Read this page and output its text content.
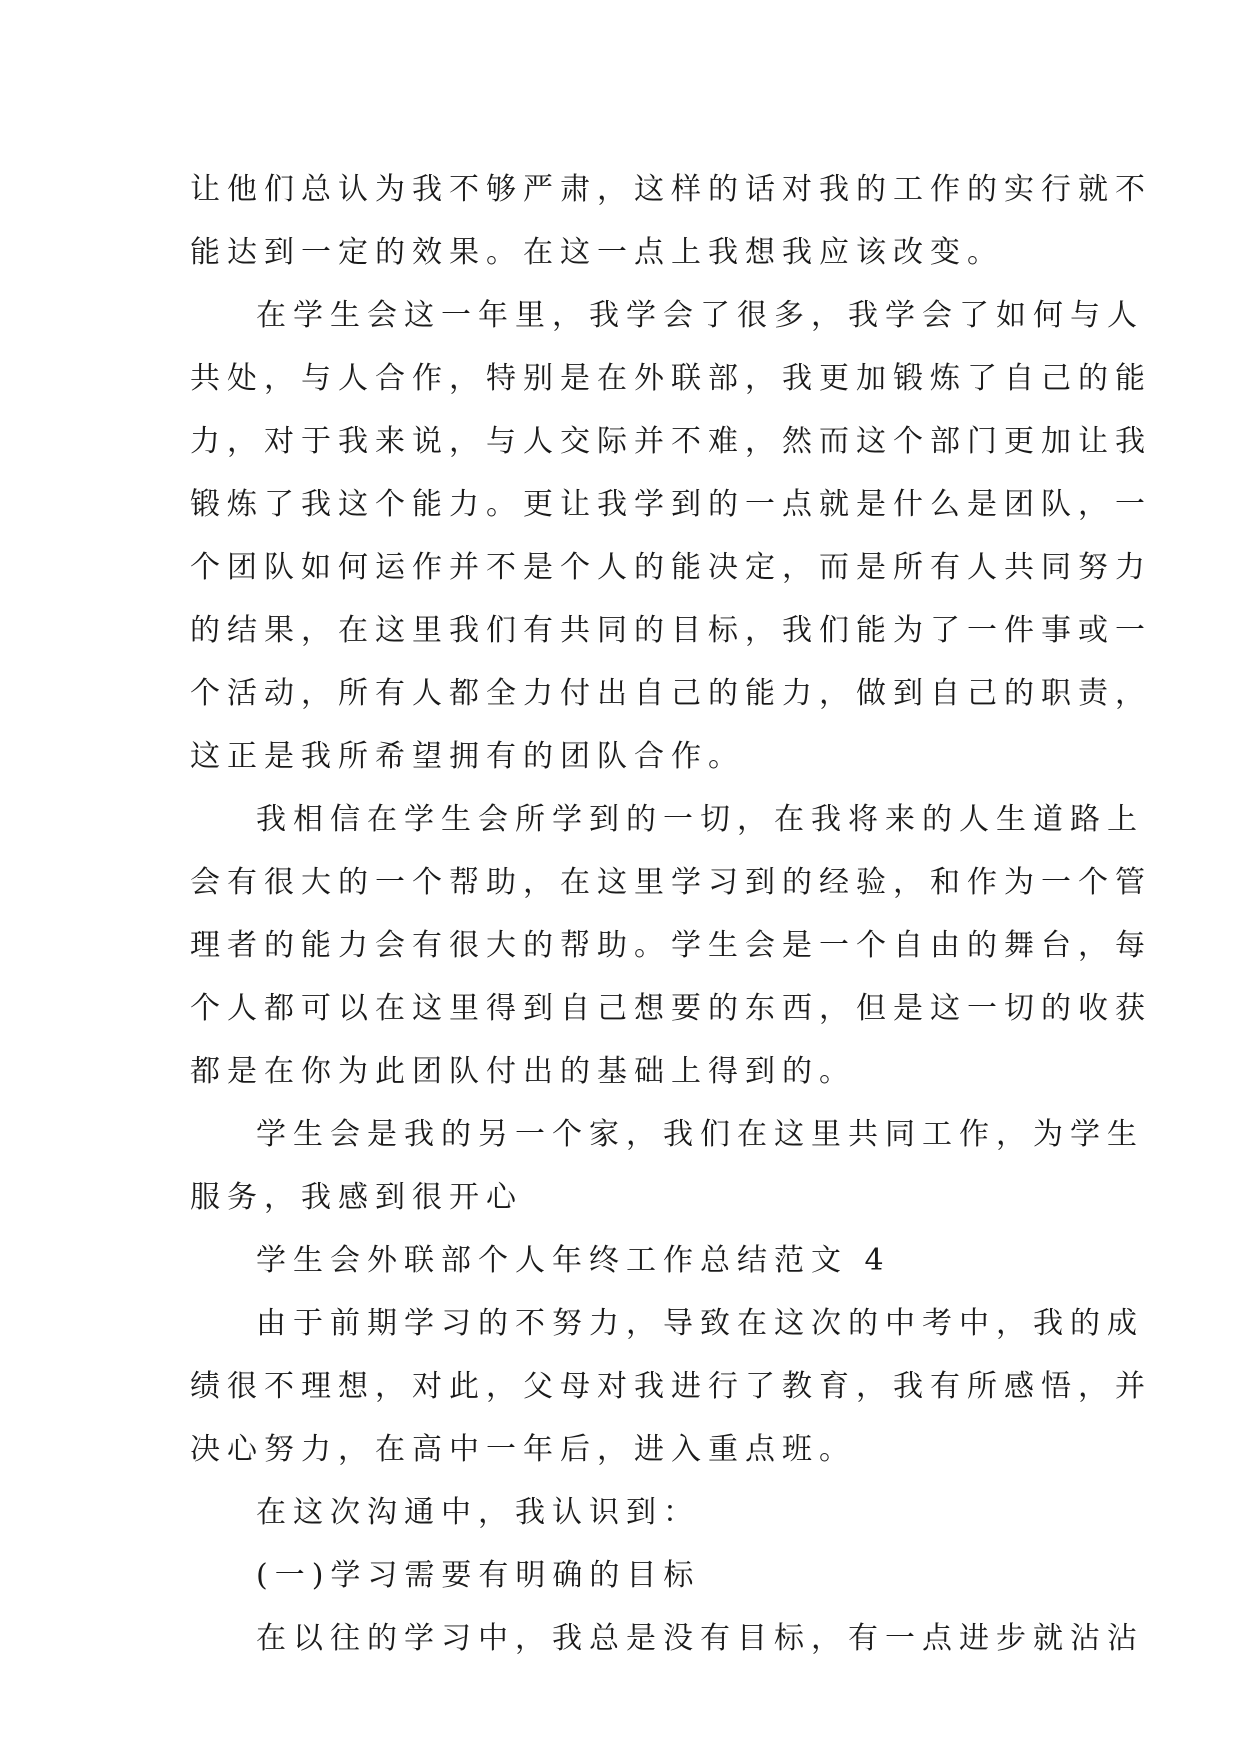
让他们总认为我不够严肃，这样的话对我的工作的实行就不
能达到一定的效果。在这一点上我想我应该改变。
在学生会这一年里，我学会了很多，我学会了如何与人
共处，与人合作，特别是在外联部，我更加锻炼了自己的能
力，对于我来说，与人交际并不难，然而这个部门更加让我
锻炼了我这个能力。更让我学到的一点就是什么是团队，一
个团队如何运作并不是个人的能决定，而是所有人共同努力
的结果，在这里我们有共同的目标，我们能为了一件事或一
个活动，所有人都全力付出自己的能力，做到自己的职责，
这正是我所希望拥有的团队合作。
我相信在学生会所学到的一切，在我将来的人生道路上
会有很大的一个帮助，在这里学习到的经验，和作为一个管
理者的能力会有很大的帮助。学生会是一个自由的舞台，每
个人都可以在这里得到自己想要的东西，但是这一切的收获
都是在你为此团队付出的基础上得到的。
学生会是我的另一个家，我们在这里共同工作，为学生
服务，我感到很开心
学生会外联部个人年终工作总结范文 4
由于前期学习的不努力，导致在这次的中考中，我的成
绩很不理想，对此，父母对我进行了教育，我有所感悟，并
决心努力，在高中一年后，进入重点班。
在这次沟通中，我认识到：
(一)学习需要有明确的目标
在以往的学习中，我总是没有目标，有一点进步就沾沾
